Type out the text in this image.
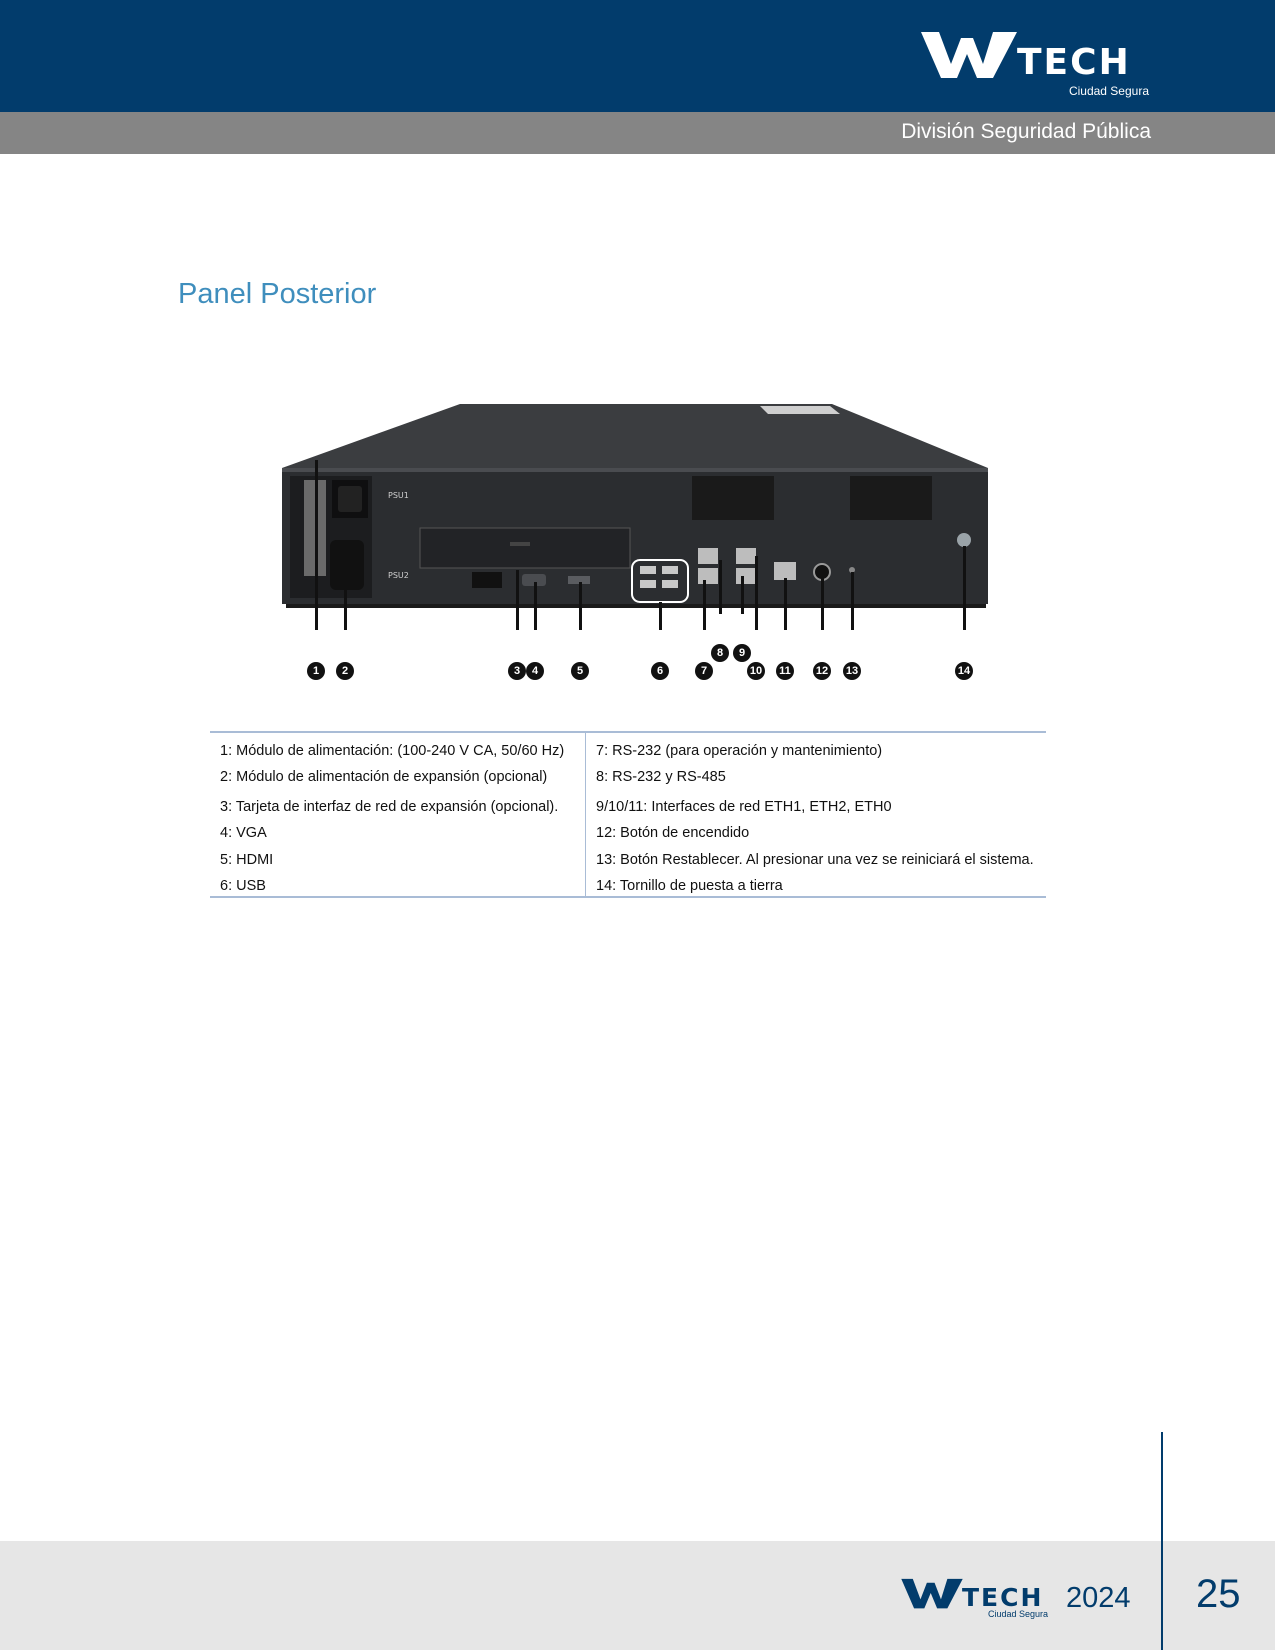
TECH
Ciudad Segura
División Seguridad Pública
Panel Posterior
PSU1
PSU2
1	2	3	4	5	6	7
8	9
10 11 12 13	14
1: Módulo de alimentación: (100-240 V CA, 50/60 Hz)
2: Módulo de alimentación de expansión (opcional)
3: Tarjeta de interfaz de red de expansión (opcional).
4: VGA
5: HDMI
6: USB
7: RS-232 (para operación y mantenimiento)
8: RS-232 y RS-485
9/10/11: Interfaces de red ETH1, ETH2, ETH0
12: Botón de encendido
13: Botón Restablecer. Al presionar una vez se reiniciará el sistema.
14: Tornillo de puesta a tierra
TECH
Ciudad Segura 2024 25
